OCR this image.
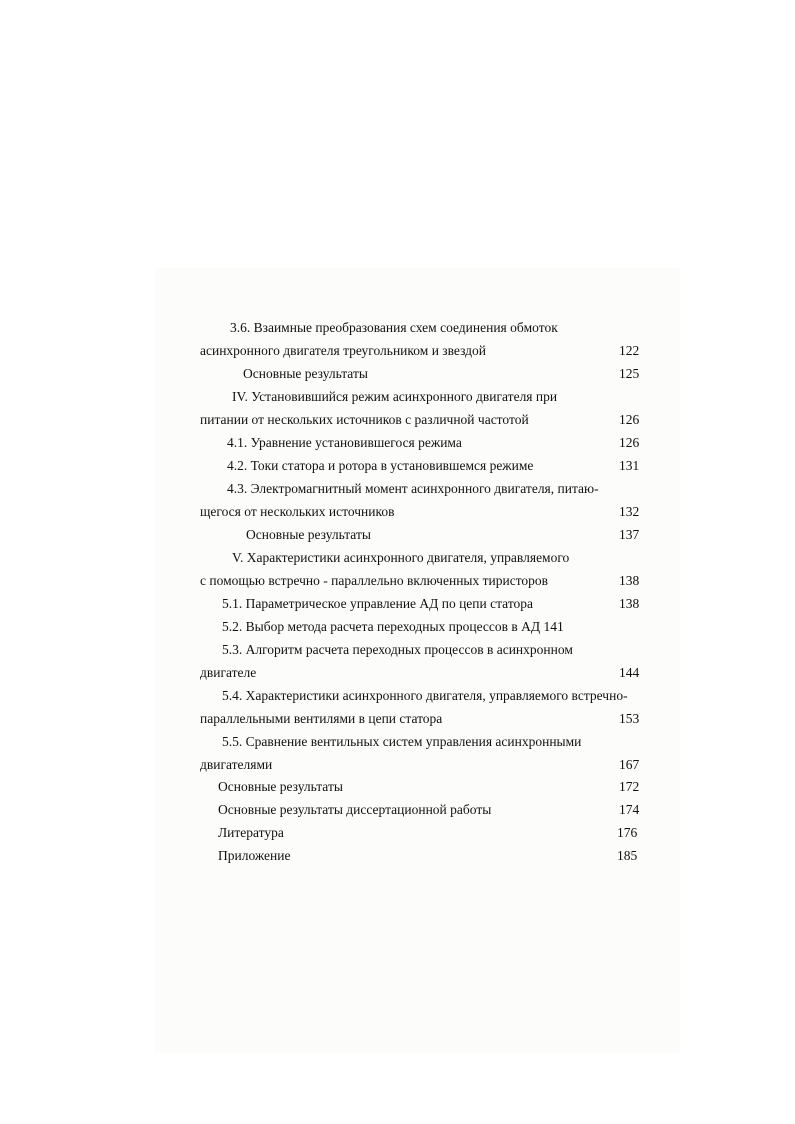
3.6. Взаимные преобразования схем соединения обмоток
асинхронного двигателя треугольником и звездой	122
Основные результаты	125
IV. Установившийся режим асинхронного двигателя при
питании от нескольких источников с различной частотой	126
4.1. Уравнение установившегося режима	126
4.2. Токи статора и ротора в установившемся режиме	131
4.3. Электромагнитный момент асинхронного двигателя, питаю-
щегося от нескольких источников	132
Основные результаты	137
V. Характеристики асинхронного двигателя, управляемого
с помощью встречно - параллельно включенных тиристоров	138
5.1. Параметрическое управление АД по цепи статора	138
5.2. Выбор метода расчета переходных процессов в АД 141
5.3. Алгоритм расчета переходных процессов в асинхронном
двигателе	144
5.4. Характеристики асинхронного двигателя, управляемого встречно-
параллельными вентилями в цепи статора	153
5.5. Сравнение вентильных систем управления асинхронными
двигателями	167
Основные результаты	172
Основные результаты диссертационной работы	174
Литература	176
Приложение	185
